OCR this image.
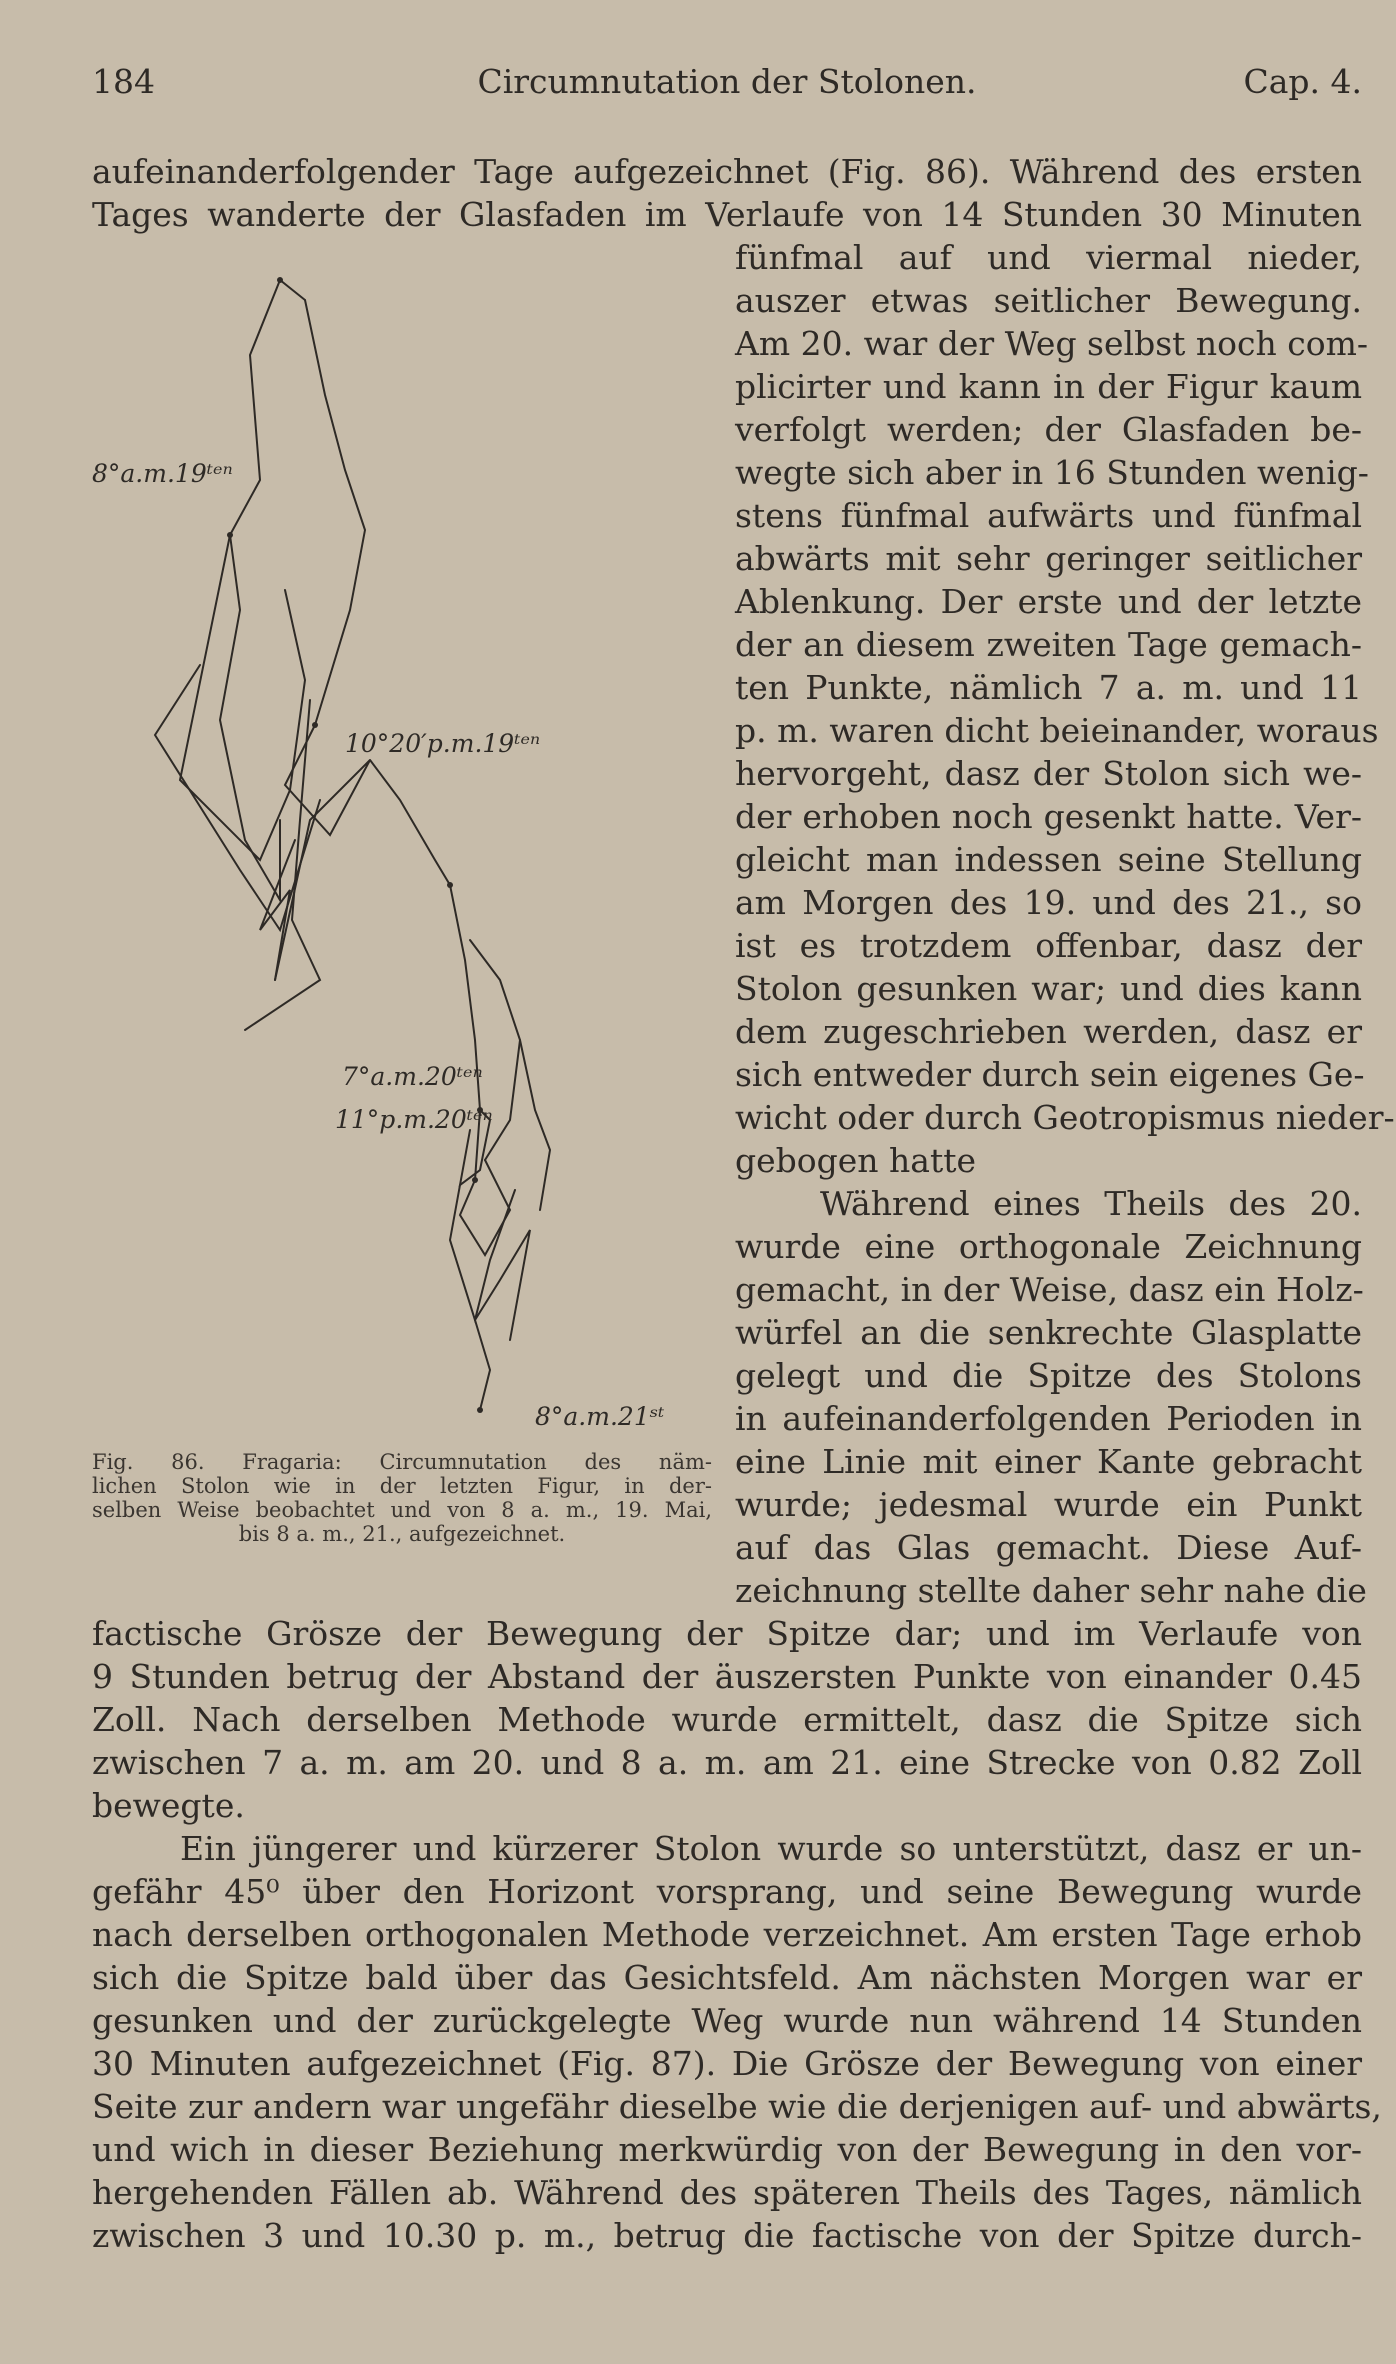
184	Circumnutation der Stolonen.	Cap. 4.
aufeinanderfolgender Tage aufgezeichnet (Fig. 86). Während des ersten
Tages wanderte der Glasfaden im Verlaufe von 14 Stunden 30 Minuten
fünfmal auf und viermal nieder,
auszer etwas seitlicher Bewegung.
Am 20. war der Weg selbst noch com-
plicirter und kann in der Figur kaum
verfolgt werden; der Glasfaden be-
wegte sich aber in 16 Stunden wenig-
stens fünfmal aufwärts und fünfmal
abwärts mit sehr geringer seitlicher
Ablenkung. Der erste und der letzte
der an diesem zweiten Tage gemach-
ten Punkte, nämlich 7 a. m. und 11
p. m. waren dicht beieinander, woraus
hervorgeht, dasz der Stolon sich we-
der erhoben noch gesenkt hatte. Ver-
gleicht man indessen seine Stellung
am Morgen des 19. und des 21., so
ist es trotzdem offenbar, dasz der
Stolon gesunken war; und dies kann
dem zugeschrieben werden, dasz er
sich entweder durch sein eigenes Ge-
wicht oder durch Geotropismus nieder-
gebogen hatte
Während eines Theils des 20.
wurde eine orthogonale Zeichnung
gemacht, in der Weise, dasz ein Holz-
würfel an die senkrechte Glasplatte
gelegt und die Spitze des Stolons
in aufeinanderfolgenden Perioden in
eine Linie mit einer Kante gebracht
wurde; jedesmal wurde ein Punkt
auf das Glas gemacht. Diese Auf-
zeichnung stellte daher sehr nahe die
factische Grösze der Bewegung der Spitze dar; und im Verlaufe von
9 Stunden betrug der Abstand der äuszersten Punkte von einander 0.45
Zoll. Nach derselben Methode wurde ermittelt, dasz die Spitze sich
zwischen 7 a. m. am 20. und 8 a. m. am 21. eine Strecke von 0.82 Zoll
bewegte.
Ein jüngerer und kürzerer Stolon wurde so unterstützt, dasz er un-
gefähr 45⁰ über den Horizont vorsprang, und seine Bewegung wurde
nach derselben orthogonalen Methode verzeichnet. Am ersten Tage erhob
sich die Spitze bald über das Gesichtsfeld. Am nächsten Morgen war er
gesunken und der zurückgelegte Weg wurde nun während 14 Stunden
30 Minuten aufgezeichnet (Fig. 87). Die Grösze der Bewegung von einer
Seite zur andern war ungefähr dieselbe wie die derjenigen auf- und abwärts,
und wich in dieser Beziehung merkwürdig von der Bewegung in den vor-
hergehenden Fällen ab. Während des späteren Theils des Tages, nämlich
zwischen 3 und 10.30 p. m., betrug die factische von der Spitze durch-
8°a.m.19ᵗᵉⁿ
10°20′p.m.19ᵗᵉⁿ
7°a.m.20ᵗᵉⁿ
11°p.m.20ᵗᵉⁿ
8°a.m.21ˢᵗ
Fig. 86. Fragaria: Circumnutation des näm-
lichen Stolon wie in der letzten Figur, in der-
selben Weise beobachtet und von 8 a. m., 19. Mai,
bis 8 a. m., 21., aufgezeichnet.
